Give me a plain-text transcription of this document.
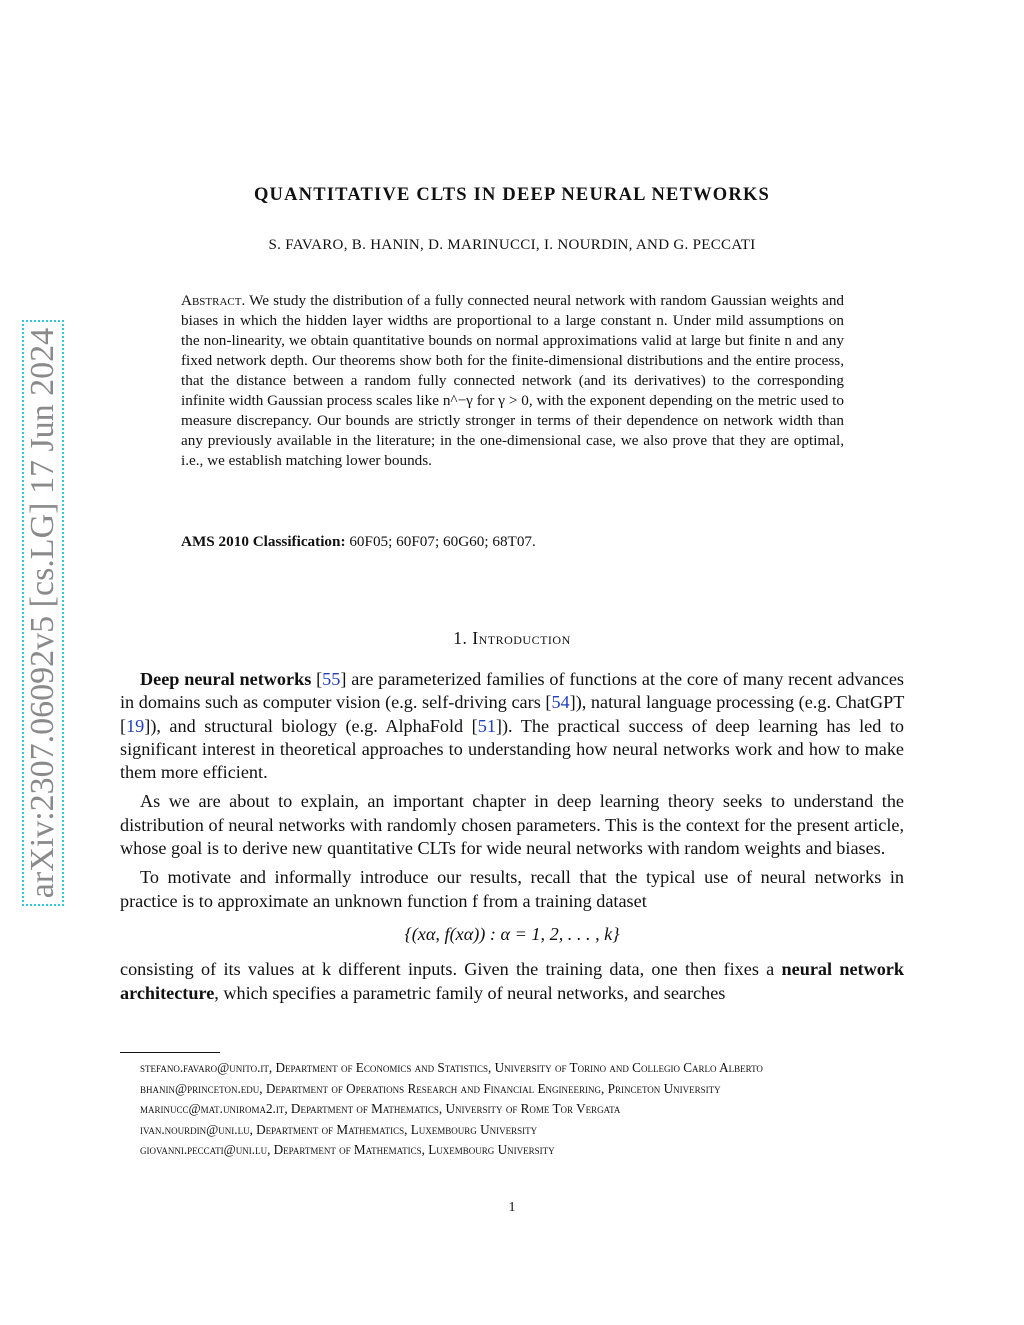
arXiv:2307.06092v5 [cs.LG] 17 Jun 2024
QUANTITATIVE CLTS IN DEEP NEURAL NETWORKS
S. FAVARO, B. HANIN, D. MARINUCCI, I. NOURDIN, AND G. PECCATI

Abstract. We study the distribution of a fully connected neural network with random Gaussian weights and biases in which the hidden layer widths are proportional to a large constant n. Under mild assumptions on the non-linearity, we obtain quantitative bounds on normal approximations valid at large but finite n and any fixed network depth. Our theorems show both for the finite-dimensional distributions and the entire process, that the distance between a random fully connected network (and its derivatives) to the corresponding infinite width Gaussian process scales like n^−γ for γ > 0, with the exponent depending on the metric used to measure discrepancy. Our bounds are strictly stronger in terms of their dependence on network width than any previously available in the literature; in the one-dimensional case, we also prove that they are optimal, i.e., we establish matching lower bounds.

AMS 2010 Classification: 60F05; 60F07; 60G60; 68T07.

1. Introduction

Deep neural networks [55] are parameterized families of functions at the core of many recent advances in domains such as computer vision (e.g. self-driving cars [54]), natural language processing (e.g. ChatGPT [19]), and structural biology (e.g. AlphaFold [51]). The practical success of deep learning has led to significant interest in theoretical approaches to understanding how neural networks work and how to make them more efficient.

As we are about to explain, an important chapter in deep learning theory seeks to understand the distribution of neural networks with randomly chosen parameters. This is the context for the present article, whose goal is to derive new quantitative CLTs for wide neural networks with random weights and biases.

To motivate and informally introduce our results, recall that the typical use of neural networks in practice is to approximate an unknown function f from a training dataset

{(xα, f(xα)) : α = 1, 2, . . . , k}

consisting of its values at k different inputs. Given the training data, one then fixes a neural network architecture, which specifies a parametric family of neural networks, and searches

stefano.favaro@unito.it, Department of Economics and Statistics, University of Torino and Collegio Carlo Alberto

bhanin@princeton.edu, Department of Operations Research and Financial Engineering, Princeton University

marinucc@mat.uniroma2.it, Department of Mathematics, University of Rome Tor Vergata

ivan.nourdin@uni.lu, Department of Mathematics, Luxembourg University

giovanni.peccati@uni.lu, Department of Mathematics, Luxembourg University

1
